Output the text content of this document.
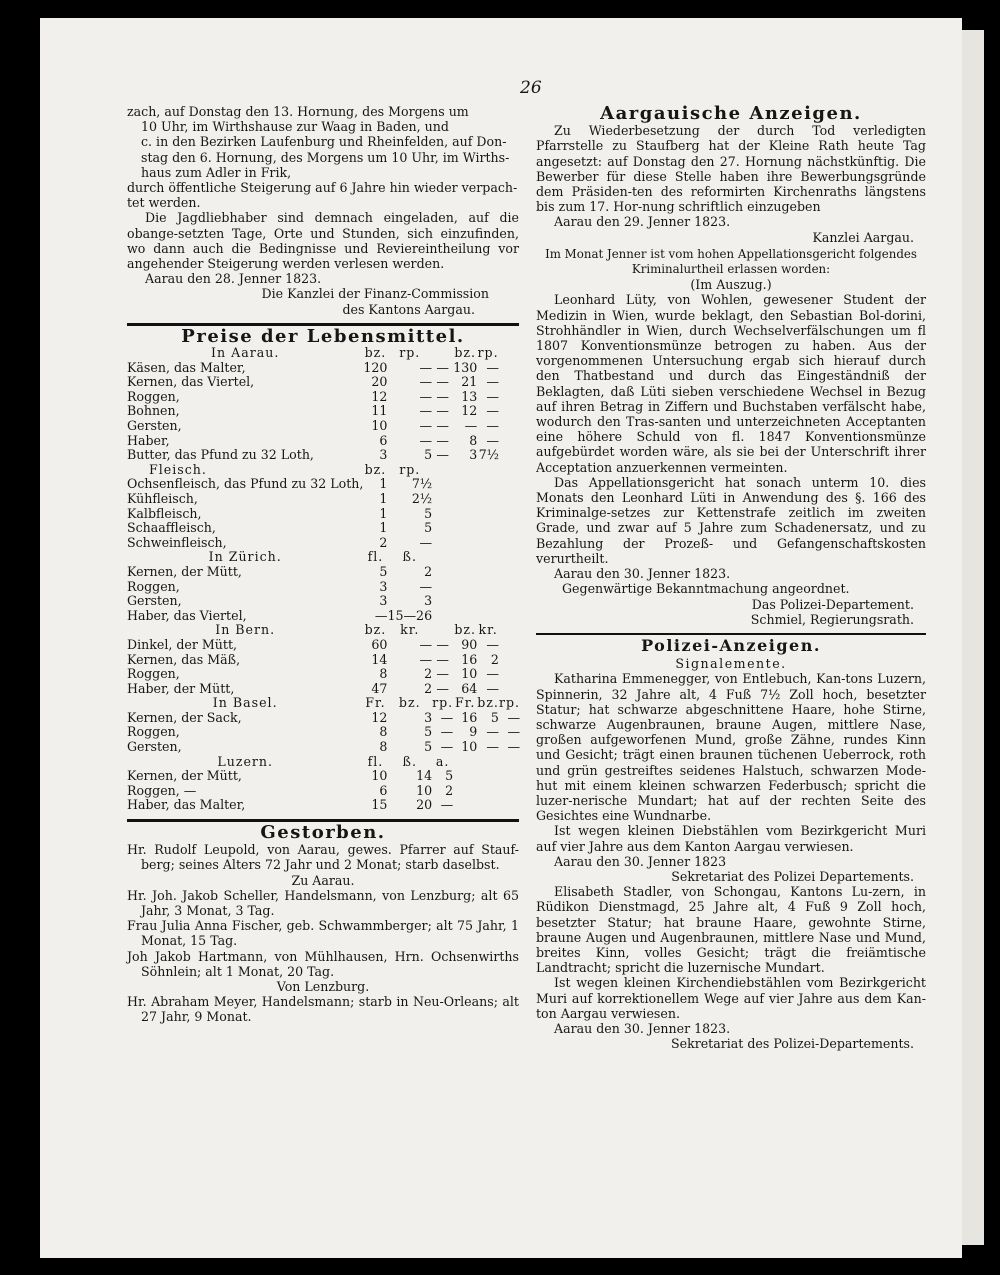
26

zach, auf Donstag den 13. Hornung, des Morgens um

10 Uhr, im Wirthshause zur Waag in Baden, und

c. in den Bezirken Laufenburg und Rheinfelden, auf Don-

stag den 6. Hornung, des Morgens um 10 Uhr, im Wirths-

haus zum Adler in Frik,

durch öffentliche Steigerung auf 6 Jahre hin wieder verpach-

tet werden.

Die Jagdliebhaber sind demnach eingeladen, auf die obange-setzten Tage, Orte und Stunden, sich einzufinden, wo dann auch die Bedingnisse und Reviereintheilung vor angehender Steigerung werden verlesen werden.

Aarau den 28. Jenner 1823.

Die Kanzlei der Finanz-Commission

des Kantons Aargau.

Preise der Lebensmittel.
In Aarau.		bz.	rp.		bz.	rp.	
Käsen, das Malter,		120	—	—	130	—	
Kernen, das Viertel,		20	—	—	21	—	
Roggen,		12	—	—	13	—	
Bohnen,		11	—	—	12	—	
Gersten,		10	—	—	—	—	
Haber,		6	—	—	8	—	
Butter, das Pfund zu 32 Loth,		3	5	—	3	7½	
Fleisch.		bz.	rp.				
Ochsenfleisch, das Pfund zu 32 Loth,		1	7½				
Kühfleisch,		1	2½				
Kalbfleisch,		1	5				
Schaaffleisch,		1	5				
Schweinfleisch,		2	—				
In Zürich.		fl.	ß.				
Kernen, der Mütt,		5	2				
Roggen,		3	—				
Gersten,		3	3				
Haber, das Viertel,		—	15—26				
In Bern.		bz.	kr.		bz.	kr.	
Dinkel, der Mütt,		60	—	—	90	—	
Kernen, das Mäß,		14	—	—	16	2	
Roggen,		8	2	—	10	—	
Haber, der Mütt,		47	2	—	64	—	
In Basel.		Fr.	bz.	rp.	Fr.	bz.	rp.
Kernen, der Sack,		12	3	—	16	5	—
Roggen,		8	5	—	9	—	—
Gersten,		8	5	—	10	—	—
Luzern.		fl.	ß.	a.			
Kernen, der Mütt,		10	14	5			
Roggen, —		6	10	2			
Haber, das Malter,		15	20	—			
Gestorben.

Hr. Rudolf Leupold, von Aarau, gewes. Pfarrer auf Stauf-berg; seines Alters 72 Jahr und 2 Monat; starb daselbst.

Zu Aarau.

Hr. Joh. Jakob Scheller, Handelsmann, von Lenzburg; alt 65 Jahr, 3 Monat, 3 Tag.

Frau Julia Anna Fischer, geb. Schwammberger; alt 75 Jahr, 1 Monat, 15 Tag.

Joh Jakob Hartmann, von Mühlhausen, Hrn. Ochsenwirths Söhnlein; alt 1 Monat, 20 Tag.

Von Lenzburg.

Hr. Abraham Meyer, Handelsmann; starb in Neu-Orleans; alt 27 Jahr, 9 Monat.

Aargauische Anzeigen.

Zu Wiederbesetzung der durch Tod verledigten Pfarrstelle zu Staufberg hat der Kleine Rath heute Tag angesetzt: auf Donstag den 27. Hornung nächstkünftig. Die Bewerber für diese Stelle haben ihre Bewerbungsgründe dem Präsiden-ten des reformirten Kirchenraths längstens bis zum 17. Hor-nung schriftlich einzugeben

Aarau den 29. Jenner 1823.

Kanzlei Aargau.

Im Monat Jenner ist vom hohen Appellationsgericht folgendes

Kriminalurtheil erlassen worden:

(Im Auszug.)

Leonhard Lüty, von Wohlen, gewesener Student der Medizin in Wien, wurde beklagt, den Sebastian Bol-dorini, Strohhändler in Wien, durch Wechselverfälschungen um fl 1807 Konventionsmünze betrogen zu haben. Aus der vorgenommenen Untersuchung ergab sich hierauf durch den Thatbestand und durch das Eingeständniß der Beklagten, daß Lüti sieben verschiedene Wechsel in Bezug auf ihren Betrag in Ziffern und Buchstaben verfälscht habe, wodurch den Tras-santen und unterzeichneten Acceptanten eine höhere Schuld von fl. 1847 Konventionsmünze aufgebürdet worden wäre, als sie bei der Unterschrift ihrer Acceptation anzuerkennen vermeinten.

Das Appellationsgericht hat sonach unterm 10. dies Monats den Leonhard Lüti in Anwendung des §. 166 des Kriminalge-setzes zur Kettenstrafe zeitlich im zweiten Grade, und zwar auf 5 Jahre zum Schadenersatz, und zu Bezahlung der Prozeß- und Gefangenschaftskosten verurtheilt.

Aarau den 30. Jenner 1823.

Gegenwärtige Bekanntmachung angeordnet.

Das Polizei-Departement.

Schmiel, Regierungsrath.

Polizei-Anzeigen.

Signalemente.

Katharina Emmenegger, von Entlebuch, Kan-tons Luzern, Spinnerin, 32 Jahre alt, 4 Fuß 7½ Zoll hoch, besetzter Statur; hat schwarze abgeschnittene Haare, hohe Stirne, schwarze Augenbraunen, braune Augen, mittlere Nase, großen aufgeworfenen Mund, große Zähne, rundes Kinn und Gesicht; trägt einen braunen tüchenen Ueberrock, roth und grün gestreiftes seidenes Halstuch, schwarzen Mode-hut mit einem kleinen schwarzen Federbusch; spricht die luzer-nerische Mundart; hat auf der rechten Seite des Gesichtes eine Wundnarbe.

Ist wegen kleinen Diebstählen vom Bezirkgericht Muri auf vier Jahre aus dem Kanton Aargau verwiesen.

Aarau den 30. Jenner 1823

Sekretariat des Polizei Departements.

Elisabeth Stadler, von Schongau, Kantons Lu-zern, in Rüdikon Dienstmagd, 25 Jahre alt, 4 Fuß 9 Zoll hoch, besetzter Statur; hat braune Haare, gewohnte Stirne, braune Augen und Augenbraunen, mittlere Nase und Mund, breites Kinn, volles Gesicht; trägt die freiämtische Landtracht; spricht die luzernische Mundart.

Ist wegen kleinen Kirchendiebstählen vom Bezirkgericht Muri auf korrektionellem Wege auf vier Jahre aus dem Kan-ton Aargau verwiesen.

Aarau den 30. Jenner 1823.

Sekretariat des Polizei-Departements.
